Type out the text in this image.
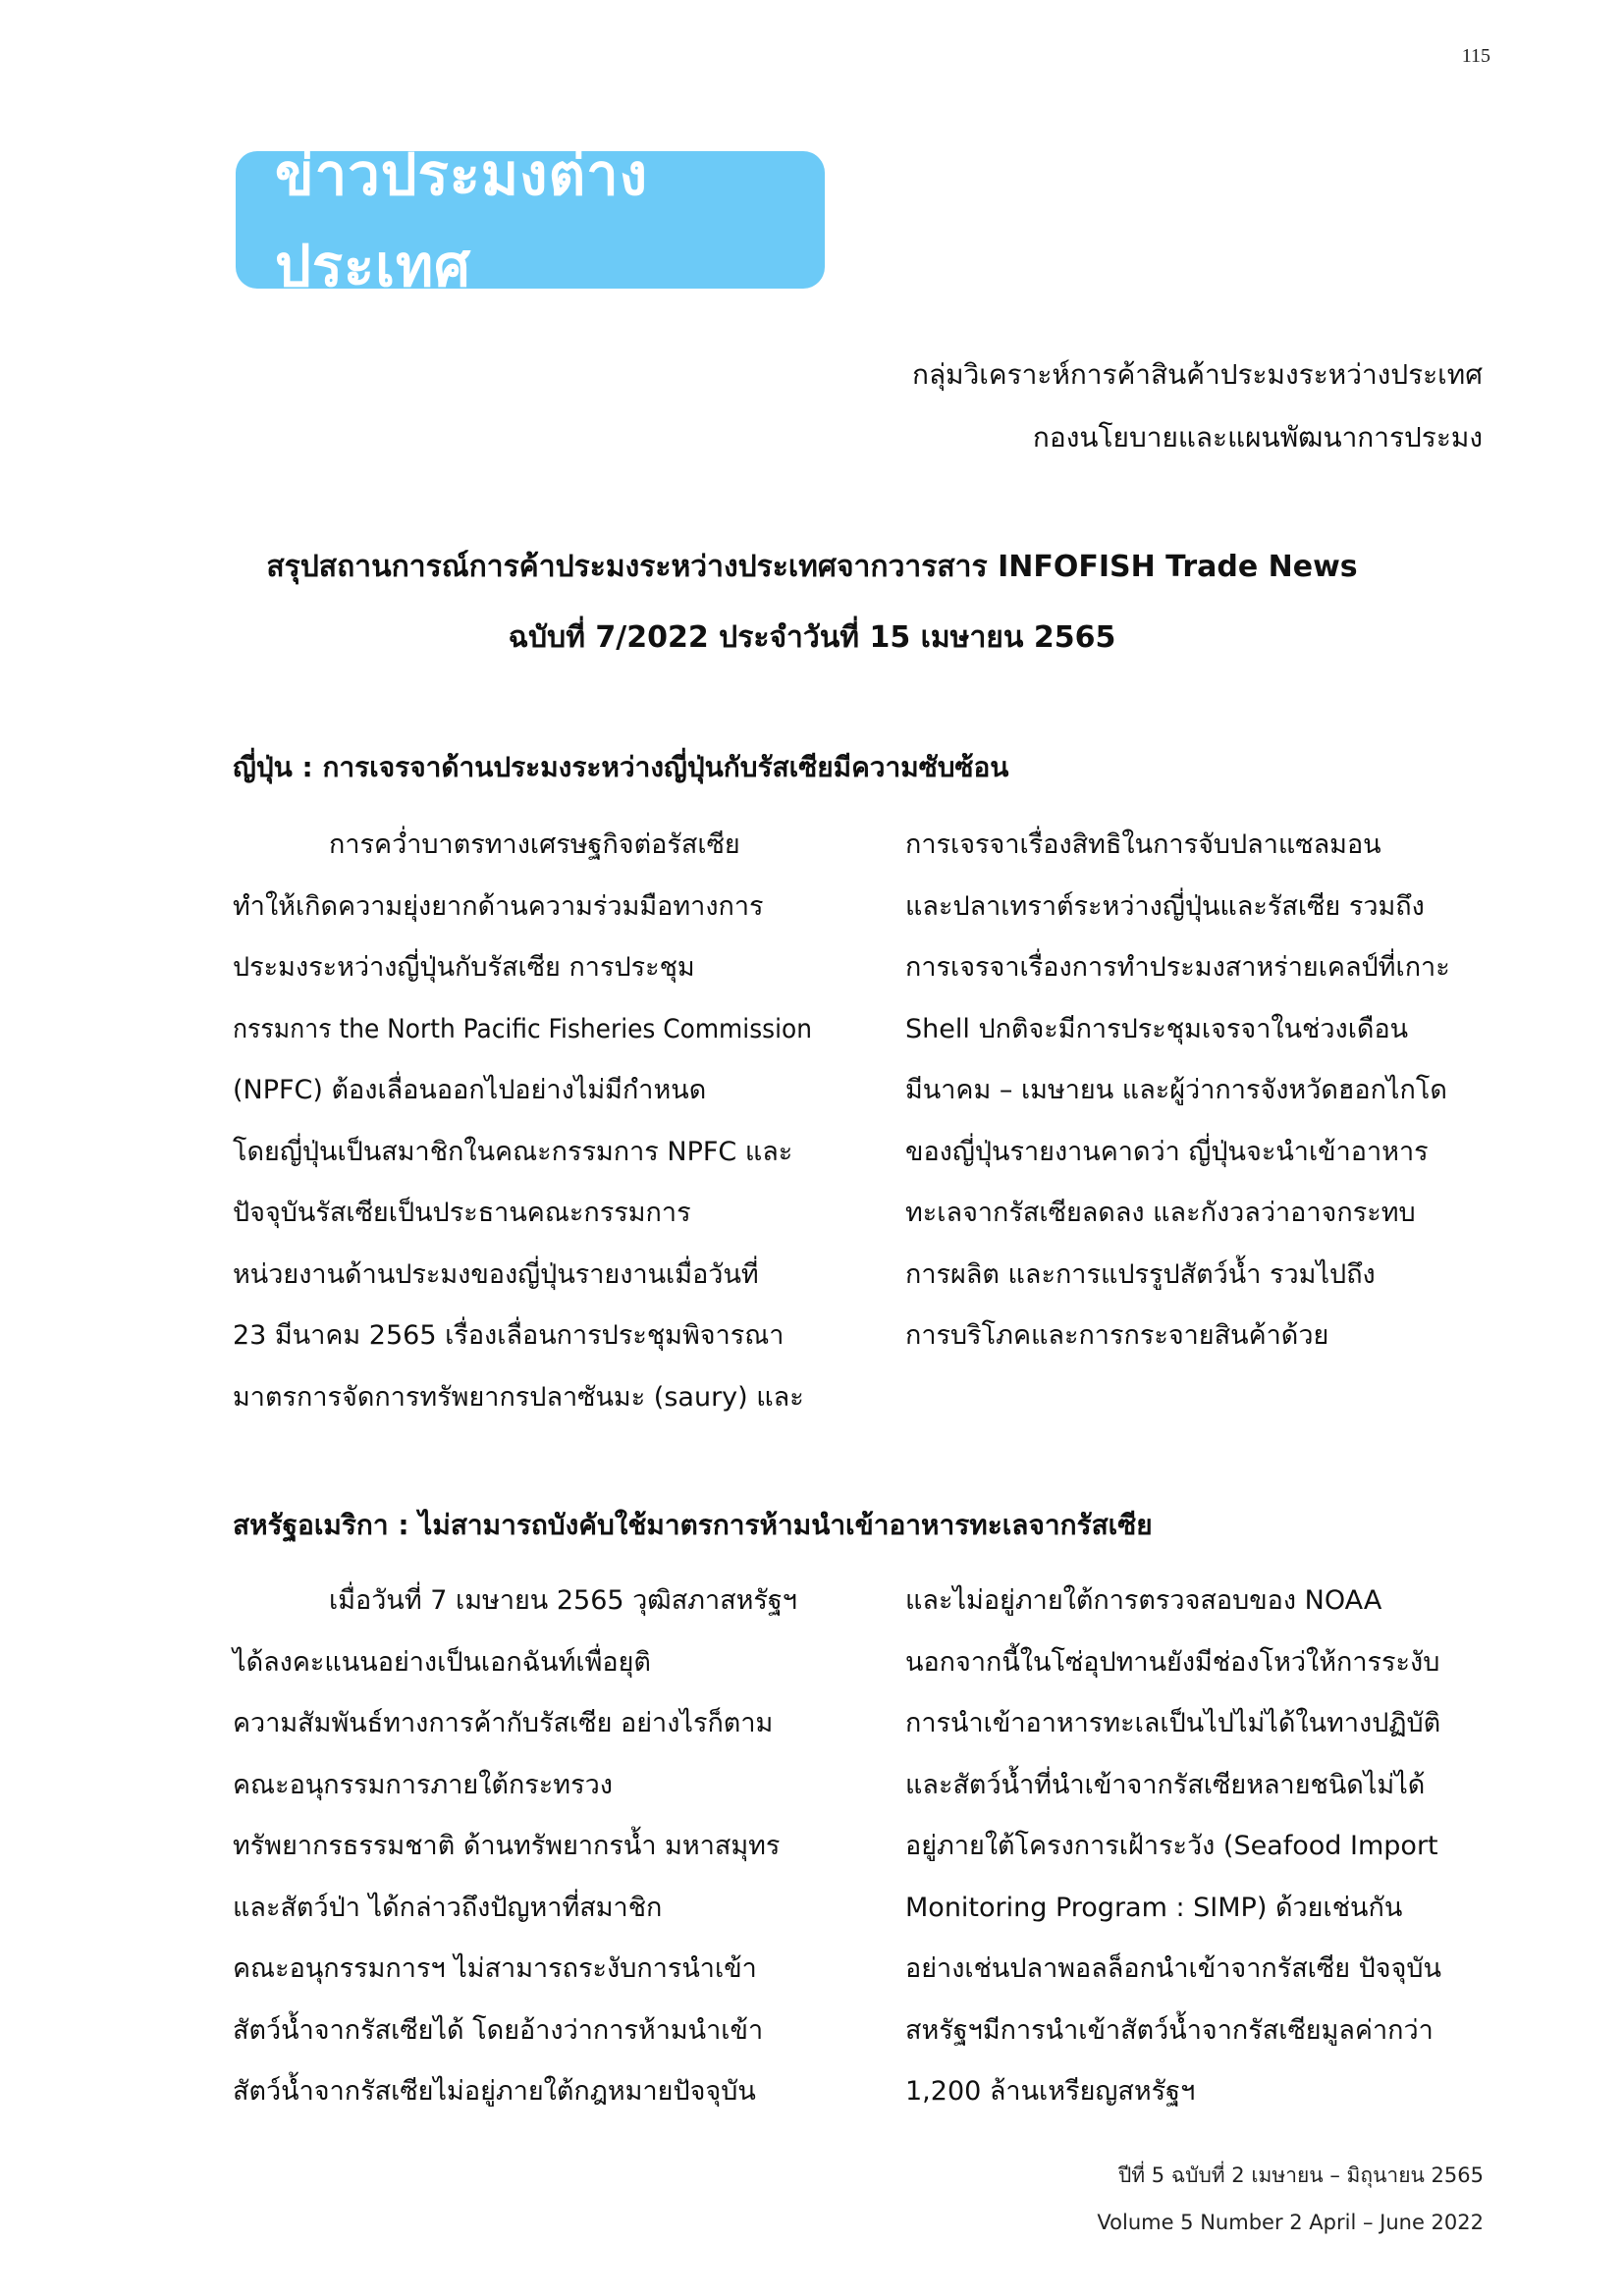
115
ข่าวประมงต่างประเทศ
กลุ่มวิเคราะห์การค้าสินค้าประมงระหว่างประเทศ
กองนโยบายและแผนพัฒนาการประมง
สรุปสถานการณ์การค้าประมงระหว่างประเทศจากวารสาร INFOFISH Trade News
ฉบับที่ 7/2022 ประจำวันที่ 15 เมษายน 2565
ญี่ปุ่น : การเจรจาด้านประมงระหว่างญี่ปุ่นกับรัสเซียมีความซับซ้อน
การคว่ำบาตรทางเศรษฐกิจต่อรัสเซีย
ทำให้เกิดความยุ่งยากด้านความร่วมมือทางการ
ประมงระหว่างญี่ปุ่นกับรัสเซีย การประชุม
กรรมการ the North Pacific Fisheries Commission
(NPFC) ต้องเลื่อนออกไปอย่างไม่มีกำหนด
โดยญี่ปุ่นเป็นสมาชิกในคณะกรรมการ NPFC และ
ปัจจุบันรัสเซียเป็นประธานคณะกรรมการ
หน่วยงานด้านประมงของญี่ปุ่นรายงานเมื่อวันที่
23 มีนาคม 2565 เรื่องเลื่อนการประชุมพิจารณา
มาตรการจัดการทรัพยากรปลาซันมะ (saury) และ
การเจรจาเรื่องสิทธิในการจับปลาแซลมอน
และปลาเทราต์ระหว่างญี่ปุ่นและรัสเซีย รวมถึง
การเจรจาเรื่องการทำประมงสาหร่ายเคลป์ที่เกาะ
Shell ปกติจะมีการประชุมเจรจาในช่วงเดือน
มีนาคม – เมษายน และผู้ว่าการจังหวัดฮอกไกโด
ของญี่ปุ่นรายงานคาดว่า ญี่ปุ่นจะนำเข้าอาหาร
ทะเลจากรัสเซียลดลง และกังวลว่าอาจกระทบ
การผลิต และการแปรรูปสัตว์น้ำ รวมไปถึง
การบริโภคและการกระจายสินค้าด้วย
สหรัฐอเมริกา : ไม่สามารถบังคับใช้มาตรการห้ามนำเข้าอาหารทะเลจากรัสเซีย
เมื่อวันที่ 7 เมษายน 2565 วุฒิสภาสหรัฐฯ
ได้ลงคะแนนอย่างเป็นเอกฉันท์เพื่อยุติ
ความสัมพันธ์ทางการค้ากับรัสเซีย อย่างไรก็ตาม
คณะอนุกรรมการภายใต้กระทรวง
ทรัพยากรธรรมชาติ ด้านทรัพยากรน้ำ มหาสมุทร
และสัตว์ป่า ได้กล่าวถึงปัญหาที่สมาชิก
คณะอนุกรรมการฯ ไม่สามารถระงับการนำเข้า
สัตว์น้ำจากรัสเซียได้ โดยอ้างว่าการห้ามนำเข้า
สัตว์น้ำจากรัสเซียไม่อยู่ภายใต้กฎหมายปัจจุบัน
และไม่อยู่ภายใต้การตรวจสอบของ NOAA
นอกจากนี้ในโซ่อุปทานยังมีช่องโหว่ให้การระงับ
การนำเข้าอาหารทะเลเป็นไปไม่ได้ในทางปฏิบัติ
และสัตว์น้ำที่นำเข้าจากรัสเซียหลายชนิดไม่ได้
อยู่ภายใต้โครงการเฝ้าระวัง (Seafood Import
Monitoring Program : SIMP) ด้วยเช่นกัน
อย่างเช่นปลาพอลล็อกนำเข้าจากรัสเซีย ปัจจุบัน
สหรัฐฯมีการนำเข้าสัตว์น้ำจากรัสเซียมูลค่ากว่า
1,200 ล้านเหรียญสหรัฐฯ
ปีที่ 5 ฉบับที่ 2 เมษายน – มิถุนายน 2565
Volume 5 Number 2 April – June 2022
